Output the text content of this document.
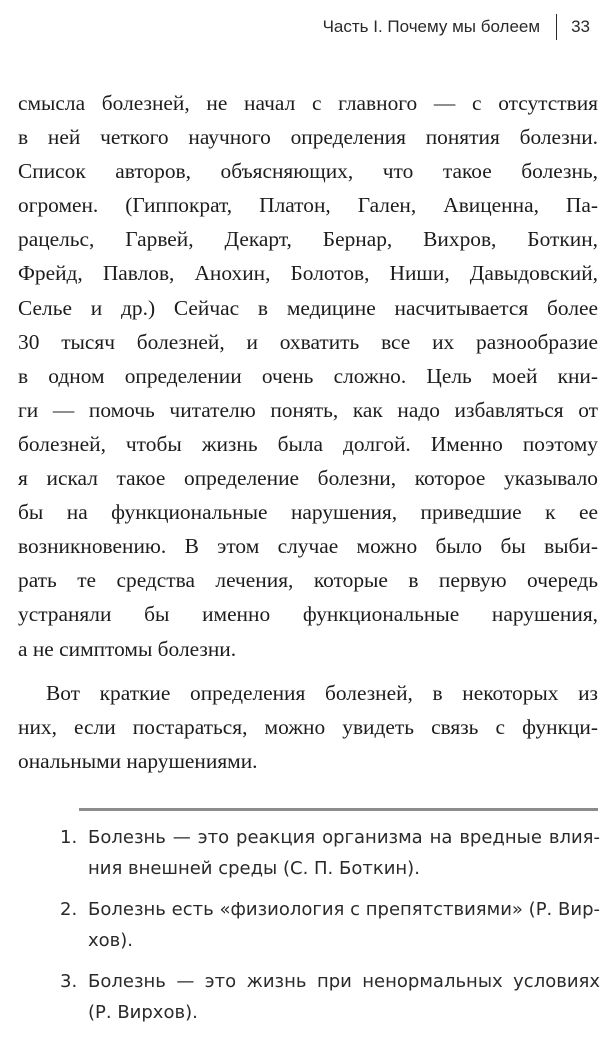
Часть I. Почему мы болеем 33
смысла болезней, не начал с главного — с отсутствия
в ней четкого научного определения понятия болезни.
Список авторов, объясняющих, что такое болезнь,
огромен. (Гиппократ, Платон, Гален, Авиценна, Па-
рацельс, Гарвей, Декарт, Бернар, Вихров, Боткин,
Фрейд, Павлов, Анохин, Болотов, Ниши, Давыдовский,
Селье и др.) Сейчас в медицине насчитывается более
30 тысяч болезней, и охватить все их разнообразие
в одном определении очень сложно. Цель моей кни-
ги — помочь читателю понять, как надо избавляться от
болезней, чтобы жизнь была долгой. Именно поэтому
я искал такое определение болезни, которое указывало
бы на функциональные нарушения, приведшие к ее
возникновению. В этом случае можно было бы выби-
рать те средства лечения, которые в первую очередь
устраняли бы именно функциональные нарушения,
а не симптомы болезни.
Вот краткие определения болезней, в некоторых из
них, если постараться, можно увидеть связь с функци-
ональными нарушениями.
1. Болезнь — это реакция организма на вредные влия-
ния внешней среды (С. П. Боткин).
2. Болезнь есть «физиология с препятствиями» (Р. Вир-
хов).
3. Болезнь — это жизнь при ненормальных условиях
(Р. Вирхов).
